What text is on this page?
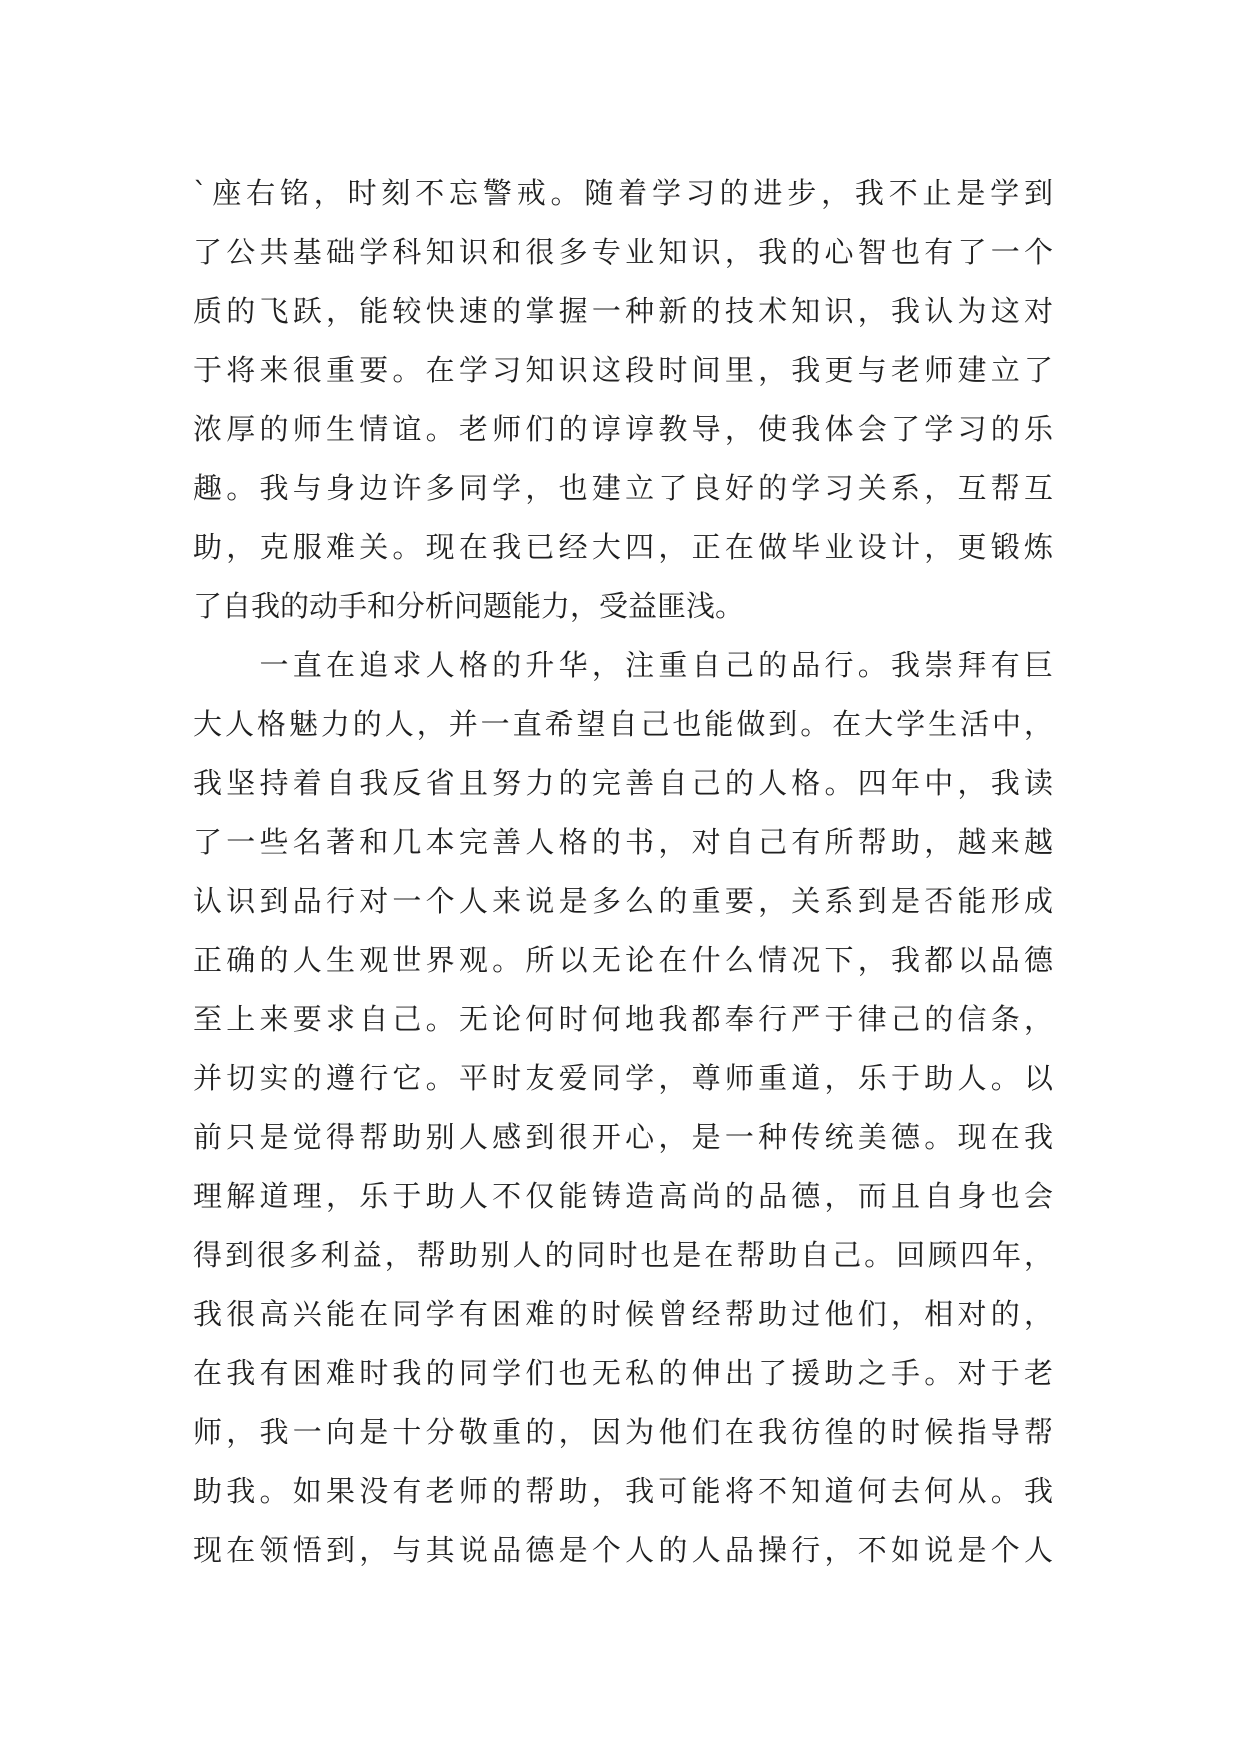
`座右铭，时刻不忘警戒。随着学习的进步，我不止是学到
了公共基础学科知识和很多专业知识，我的心智也有了一个
质的飞跃，能较快速的掌握一种新的技术知识，我认为这对
于将来很重要。在学习知识这段时间里，我更与老师建立了
浓厚的师生情谊。老师们的谆谆教导，使我体会了学习的乐
趣。我与身边许多同学，也建立了良好的学习关系，互帮互
助，克服难关。现在我已经大四，正在做毕业设计，更锻炼
了自我的动手和分析问题能力，受益匪浅。
　　一直在追求人格的升华，注重自己的品行。我崇拜有巨
大人格魅力的人，并一直希望自己也能做到。在大学生活中，
我坚持着自我反省且努力的完善自己的人格。四年中，我读
了一些名著和几本完善人格的书，对自己有所帮助，越来越
认识到品行对一个人来说是多么的重要，关系到是否能形成
正确的人生观世界观。所以无论在什么情况下，我都以品德
至上来要求自己。无论何时何地我都奉行严于律己的信条，
并切实的遵行它。平时友爱同学，尊师重道，乐于助人。以
前只是觉得帮助别人感到很开心，是一种传统美德。现在我
理解道理，乐于助人不仅能铸造高尚的品德，而且自身也会
得到很多利益，帮助别人的同时也是在帮助自己。回顾四年，
我很高兴能在同学有困难的时候曾经帮助过他们，相对的，
在我有困难时我的同学们也无私的伸出了援助之手。对于老
师，我一向是十分敬重的，因为他们在我彷徨的时候指导帮
助我。如果没有老师的帮助，我可能将不知道何去何从。我
现在领悟到，与其说品德是个人的人品操行，不如说是个人
